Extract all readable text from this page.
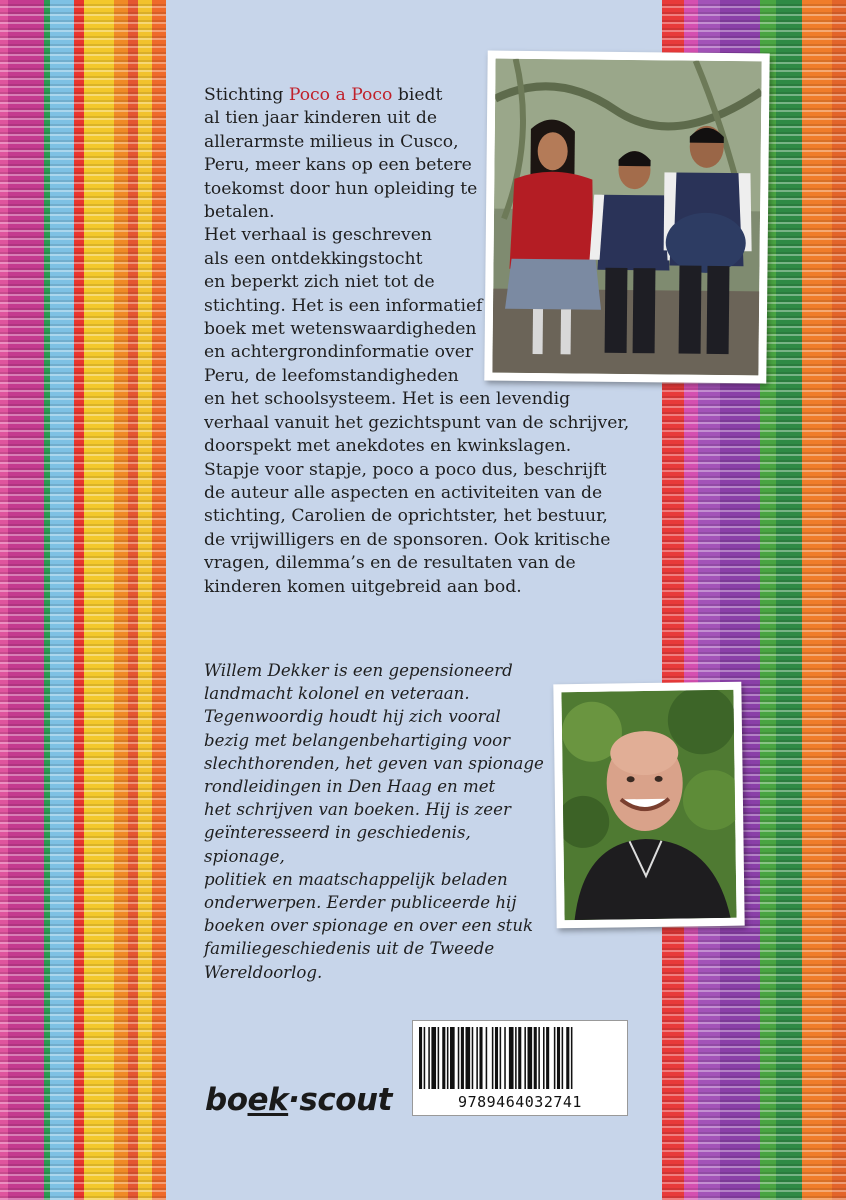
Stichting Poco a Poco biedt

al tien jaar kinderen uit de

allerarmste milieus in Cusco,

Peru, meer kans op een betere

toekomst door hun opleiding te

betalen.

Het verhaal is geschreven

als een ontdekkingstocht

en beperkt zich niet tot de

stichting. Het is een informatief

boek met wetenswaardigheden

en achtergrondinformatie over

Peru, de leefomstandigheden

en het schoolsysteem. Het is een levendig

verhaal vanuit het gezichtspunt van de schrijver,

doorspekt met anekdotes en kwinkslagen.

Stapje voor stapje, poco a poco dus, beschrijft

de auteur alle aspecten en activiteiten van de

stichting, Carolien de oprichtster, het bestuur,

de vrijwilligers en de sponsoren. Ook kritische

vragen, dilemma’s en de resultaten van de

kinderen komen uitgebreid aan bod.

Willem Dekker is een gepensioneerd

landmacht kolonel en veteraan.

Tegenwoordig houdt hij zich vooral

bezig met belangenbehartiging voor

slechthorenden, het geven van spionage

rondleidingen in Den Haag en met

het schrijven van boeken. Hij is zeer

geïnteresseerd in geschiedenis, spionage,

politiek en maatschappelijk beladen

onderwerpen. Eerder publiceerde hij

boeken over spionage en over een stuk

familiegeschiedenis uit de Tweede

Wereldoorlog.

9789464032741
boek·scout
